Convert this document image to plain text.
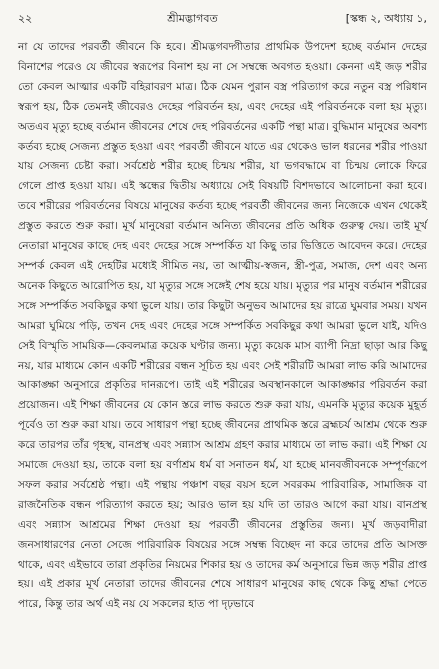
২২	শ্রীমদ্ভাগবত	[স্কন্ধ ২, অধ্যায় ১,

না যে তাদের পরবর্তী জীবনে কি হবে। শ্রীমদ্ভগবদ্গীতার প্রাথমিক উপদেশ হচ্ছে বর্তমান দেহের বিনাশের পরেও যে জীবের স্বরূপের বিনাশ হয় না সে সম্বন্ধে অবগত হওয়া। কেননা এই জড় শরীর তো কেবল আত্মার একটি বহিরাবরণ মাত্র। ঠিক যেমন পুরান বস্ত্র পরিত্যাগ করে নতুন বস্ত্র পরিধান স্বরূপ হয়, ঠিক তেমনই জীবেরও দেহের পরিবর্তন হয়, এবং দেহের এই পরিবর্তনকে বলা হয় মৃত্যু। অতএব মৃত্যু হচ্ছে বর্তমান জীবনের শেষে দেহ পরিবর্তনের একটি পন্থা মাত্র। বুদ্ধিমান মানুষের অবশ্য কর্তব্য হচ্ছে সেজন্য প্রস্তুত হওয়া এবং পরবর্তী জীবনে যাতে এর থেকেও ভাল ধরনের শরীর পাওয়া যায় সেজন্য চেষ্টা করা। সর্বশ্রেষ্ঠ শরীর হচ্ছে চিন্ময় শরীর, যা ভগবদ্ধামে বা চিন্ময় লোকে ফিরে গেলে প্রাপ্ত হওয়া যায়। এই স্কন্ধের দ্বিতীয় অধ্যায়ে সেই বিষয়টি বিশদভাবে আলোচনা করা হবে। তবে শরীরের পরিবর্তনের বিষয়ে মানুষের কর্তব্য হচ্ছে পরবর্তী জীবনের জন্য নিজেকে এখন থেকেই প্রস্তুত করতে শুরু করা। মূর্খ মানুষেরা বর্তমান অনিত্য জীবনের প্রতি অধিক গুরুত্ব দেয়। তাই মূর্খ নেতারা মানুষের কাছে দেহ এবং দেহের সঙ্গে সম্পর্কিত যা কিছু তার ভিত্তিতে আবেদন করে। দেহের সম্পর্ক কেবল এই দেহটির মধ্যেই সীমিত নয়, তা আত্মীয়-স্বজন, স্ত্রী-পুত্র, সমাজ, দেশ এবং অন্য অনেক কিছুতে আরোপিত হয়, যা মৃত্যুর সঙ্গে সঙ্গেই শেষ হয়ে যায়। মৃত্যুর পর মানুষ বর্তমান শরীরের সঙ্গে সম্পর্কিত সবকিছুর কথা ভুলে যায়। তার কিছুটা অনুভব আমাদের হয় রাত্রে ঘুমবার সময়। যখন আমরা ঘুমিয়ে পড়ি, তখন দেহ এবং দেহের সঙ্গে সম্পর্কিত সবকিছুর কথা আমরা ভুলে যাই, যদিও সেই বিস্মৃতি সাময়িক—কেবলমাত্র কয়েক ঘণ্টার জন্য। মৃত্যু কয়েক মাস ব্যাপী নিদ্রা ছাড়া আর কিছু নয়, যার মাধ্যমে কোন একটি শরীরের বন্ধন সূচিত হয় এবং সেই শরীরটি আমরা লাভ করি আমাদের আকাঙ্ক্ষা অনুসারে প্রকৃতির দানরূপে। তাই এই শরীরের অবস্থানকালে আকাঙ্ক্ষার পরিবর্তন করা প্রয়োজন। এই শিক্ষা জীবনের যে কোন স্তরে লাভ করতে শুরু করা যায়, এমনকি মৃত্যুর কয়েক মুহূর্ত পূর্বেও তা শুরু করা যায়। তবে সাধারণ পন্থা হচ্ছে জীবনের প্রাথমিক স্তরে ব্রহ্মচর্য আশ্রম থেকে শুরু করে তারপর তাঁর গৃহস্থ, বানপ্রস্থ এবং সন্ন্যাস আশ্রম গ্রহণ করার মাধ্যমে তা লাভ করা। এই শিক্ষা যে সমাজে দেওয়া হয়, তাকে বলা হয় বর্ণাশ্রম ধর্ম বা সনাতন ধর্ম, যা হচ্ছে মানবজীবনকে সম্পূর্ণরূপে সফল করার সর্বশ্রেষ্ঠ পন্থা। এই পন্থায় পঞ্চাশ বছর বয়স হলে সবরকম পারিবারিক, সামাজিক বা রাজনৈতিক বন্ধন পরিত্যাগ করতে হয়; আরও ভাল হয় যদি তা তারও আগে করা যায়। বানপ্রস্থ এবং সন্ন্যাস আশ্রমের শিক্ষা দেওয়া হয় পরবর্তী জীবনের প্রস্তুতির জন্য। মূর্খ জড়বাদীরা জনসাধারণের নেতা সেজে পারিবারিক বিষয়ের সঙ্গে সম্বন্ধ বিচ্ছেদ না করে তাদের প্রতি আসক্ত থাকে, এবং এইভাবে তারা প্রকৃতির নিয়মের শিকার হয় ও তাদের কর্ম অনুসারে ভিন্ন জড় শরীর প্রাপ্ত হয়। এই প্রকার মূর্খ নেতারা তাদের জীবনের শেষে সাধারণ মানুষের কাছ থেকে কিছু শ্রদ্ধা পেতে পারে, কিন্তু তার অর্থ এই নয় যে সকলের হাত পা দৃঢ়ভাবে
